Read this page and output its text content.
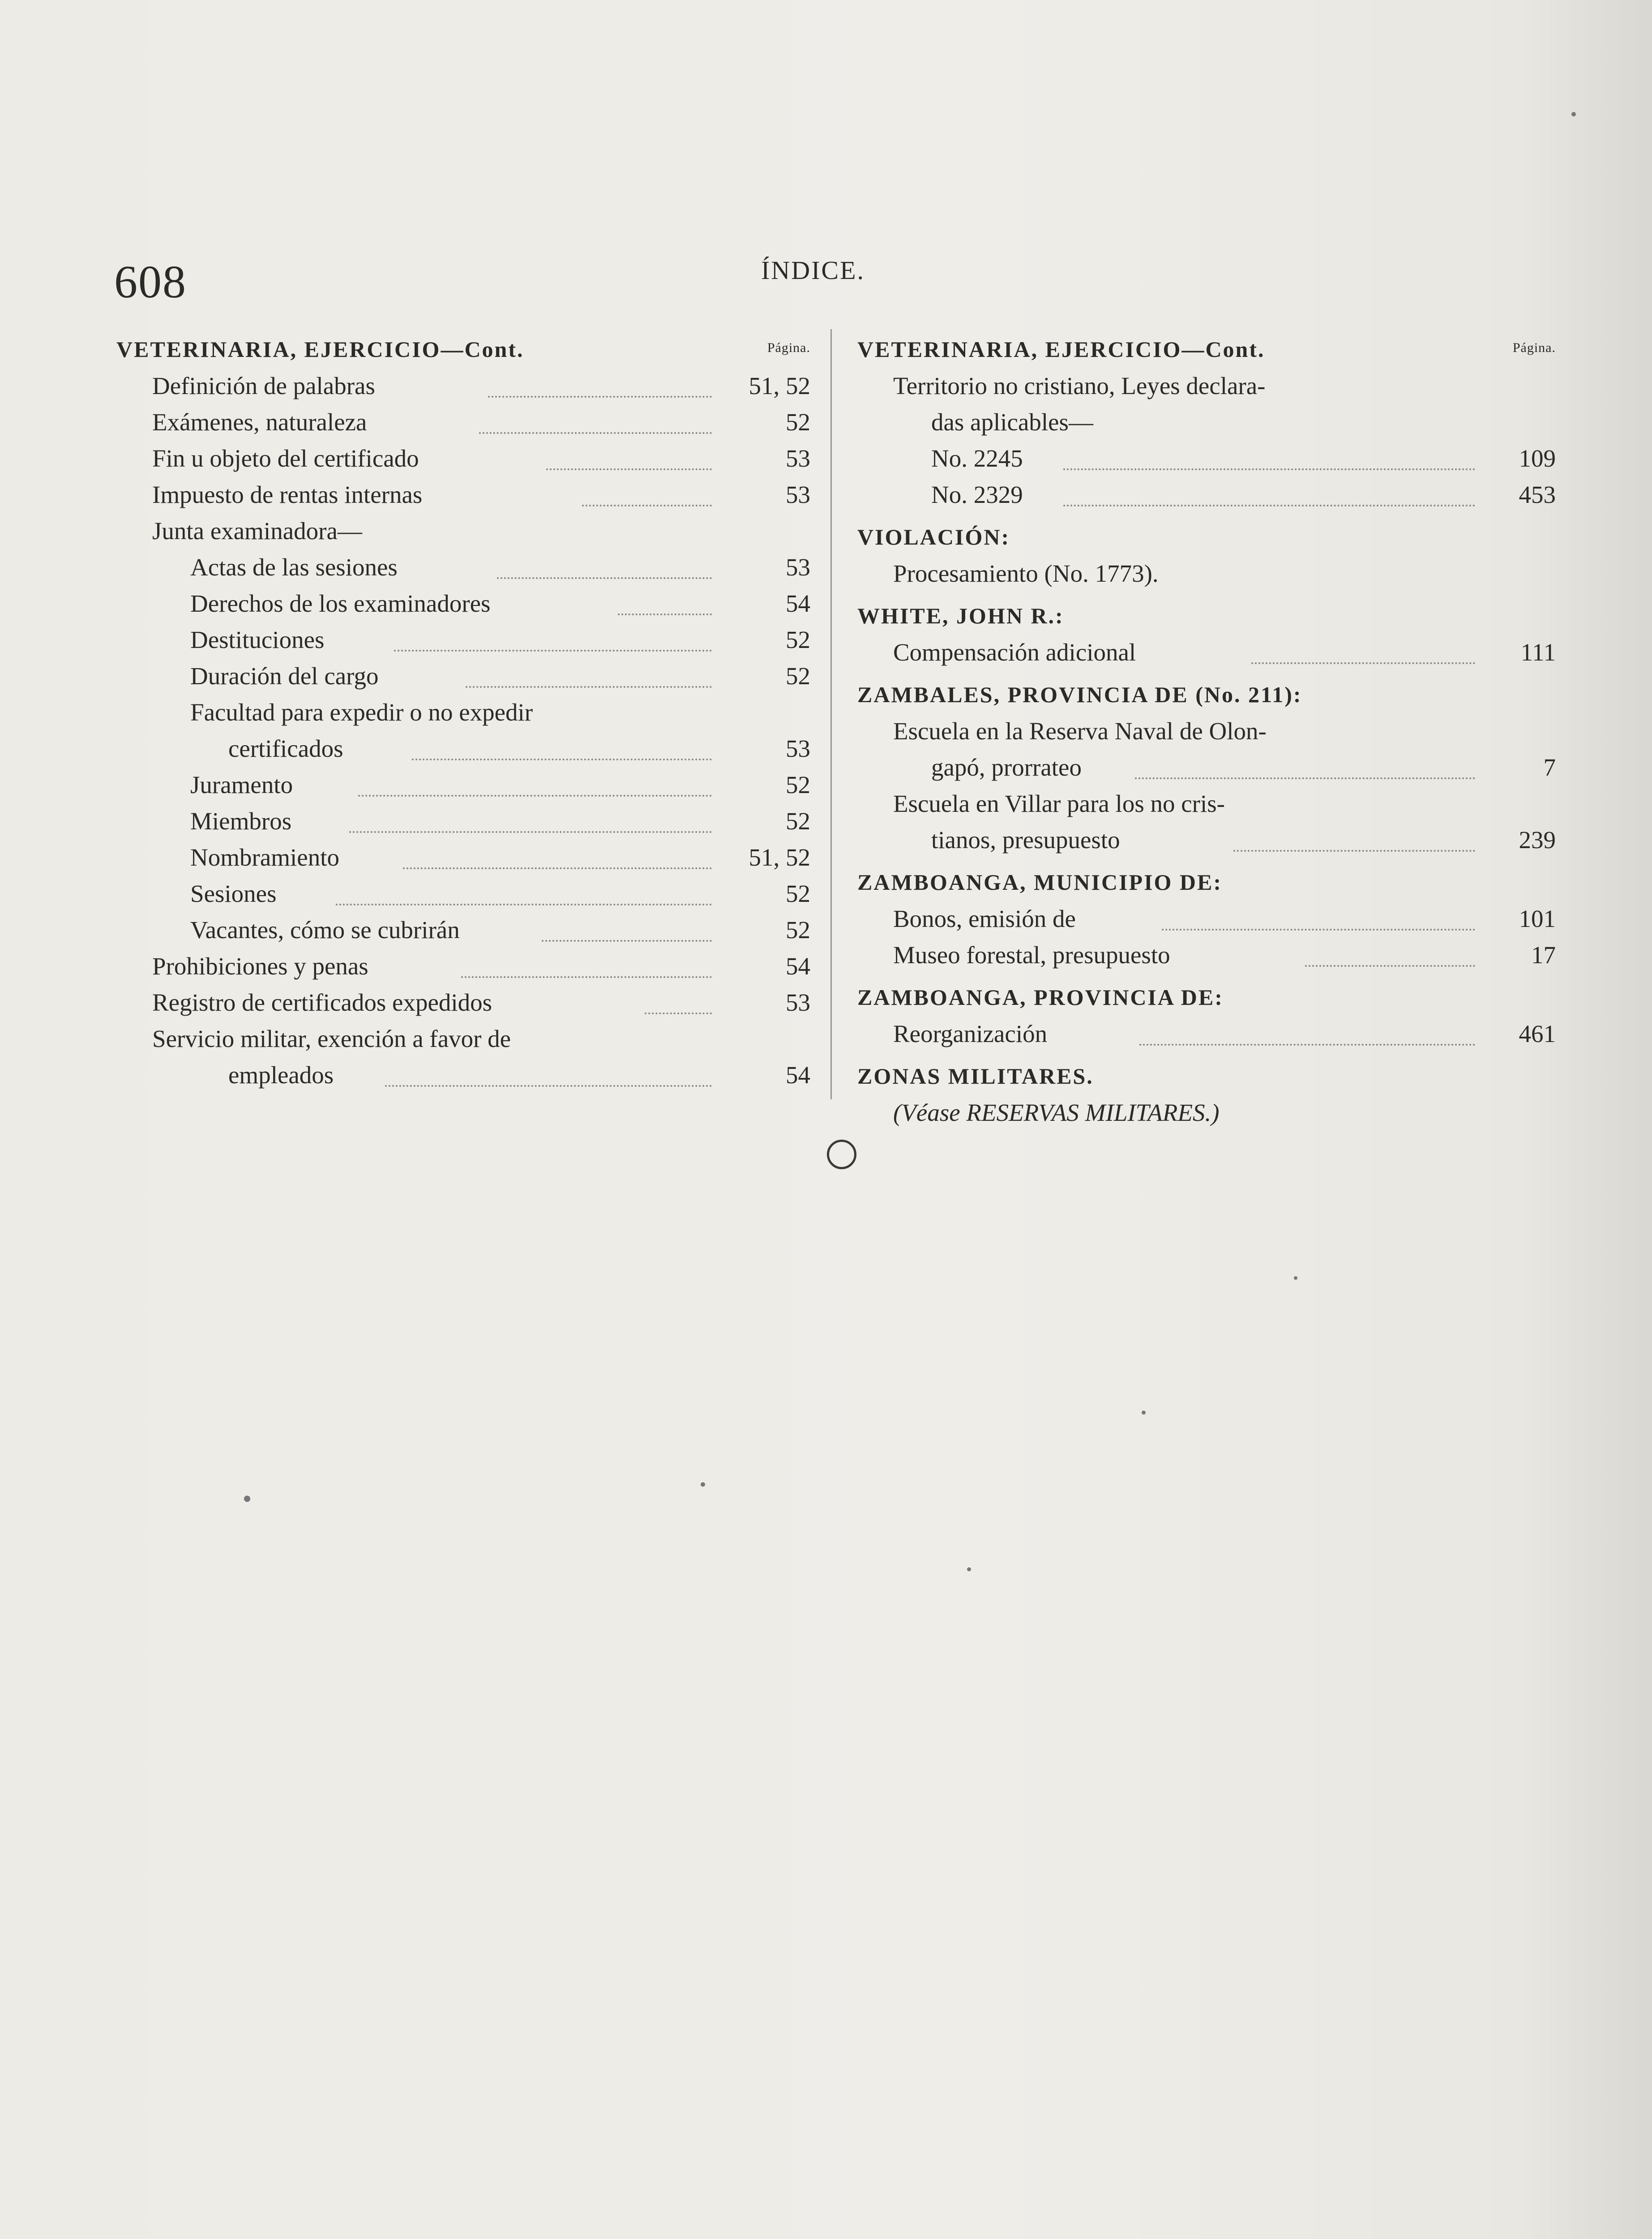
608	ÍNDICE.
VETERINARIA, EJERCICIO—Cont.	Página.
Definición de palabras	51, 52
Exámenes, naturaleza	52
Fin u objeto del certificado	53
Impuesto de rentas internas	53
Junta examinadora—
Actas de las sesiones	53
Derechos de los examinadores	54
Destituciones	52
Duración del cargo	52
Facultad para expedir o no expedir
certificados	53
Juramento	52
Miembros	52
Nombramiento	51, 52
Sesiones	52
Vacantes, cómo se cubrirán	52
Prohibiciones y penas	54
Registro de certificados expedidos	53
Servicio militar, exención a favor de
empleados	54
VETERINARIA, EJERCICIO—Cont.	Página.
Territorio no cristiano, Leyes declara-
das aplicables—
No. 2245	109
No. 2329	453
VIOLACIÓN:
Procesamiento (No. 1773).
WHITE, JOHN R.:
Compensación adicional	111
ZAMBALES, PROVINCIA DE (No. 211):
Escuela en la Reserva Naval de Olon-
gapó, prorrateo	7
Escuela en Villar para los no cris-
tianos, presupuesto	239
ZAMBOANGA, MUNICIPIO DE:
Bonos, emisión de	101
Museo forestal, presupuesto	17
ZAMBOANGA, PROVINCIA DE:
Reorganización	461
ZONAS MILITARES.
(Véase RESERVAS MILITARES.)
